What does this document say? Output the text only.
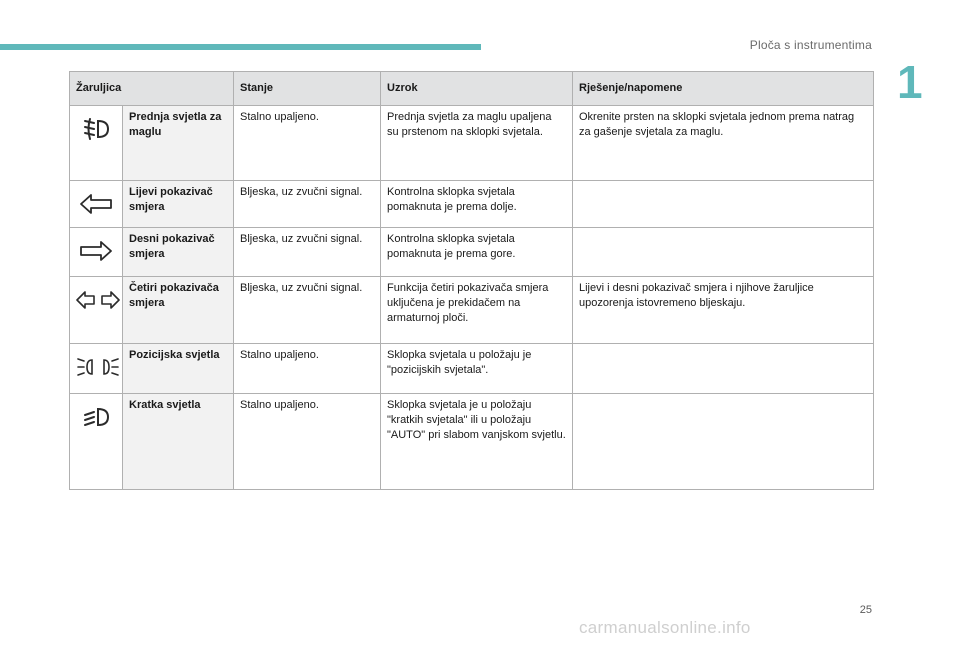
Ploča s instrumentima
1
Žaruljica		Stanje	Uzrok	Rješenje/napomene

	Prednja svjetla za maglu	Stalno upaljeno.	Prednja svjetla za maglu upaljena su prstenom na sklopki svjetala.	Okrenite prsten na sklopki svjetala jednom prema natrag za gašenje svjetala za maglu.

	Lijevi pokazivač smjera	Bljeska, uz zvučni signal.	Kontrolna sklopka svjetala pomaknuta je prema dolje.	

	Desni pokazivač smjera	Bljeska, uz zvučni signal.	Kontrolna sklopka svjetala pomaknuta je prema gore.	

	Četiri pokazivača smjera	Bljeska, uz zvučni signal.	Funkcija četiri pokazivača smjera uključena je prekidačem na armaturnoj ploči.	Lijevi i desni pokazivač smjera i njihove žaruljice upozorenja istovremeno bljeskaju.

	Pozicijska svjetla	Stalno upaljeno.	Sklopka svjetala u položaju je "pozicijskih svjetala".	

	Kratka svjetla	Stalno upaljeno.	Sklopka svjetala je u položaju "kratkih svjetala" ili u položaju "AUTO" pri slabom vanjskom svjetlu.	
25
carmanualsonline.info
